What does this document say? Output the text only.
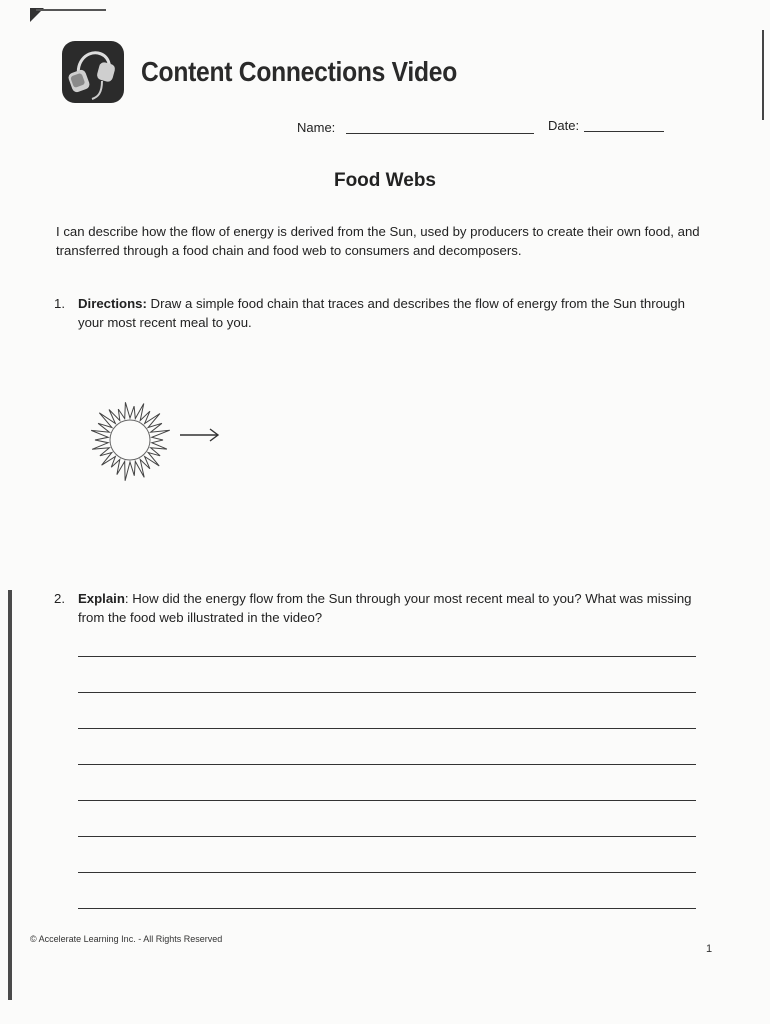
Content Connections Video
Name:	Date:
Food Webs
I can describe how the flow of energy is derived from the Sun, used by producers to create their own food, and transferred through a food chain and food web to consumers and decomposers.
1. Directions: Draw a simple food chain that traces and describes the flow of energy from the Sun through your most recent meal to you.
2. Explain: How did the energy flow from the Sun through your most recent meal to you? What was missing from the food web illustrated in the video?
© Accelerate Learning Inc. - All Rights Reserved
1
